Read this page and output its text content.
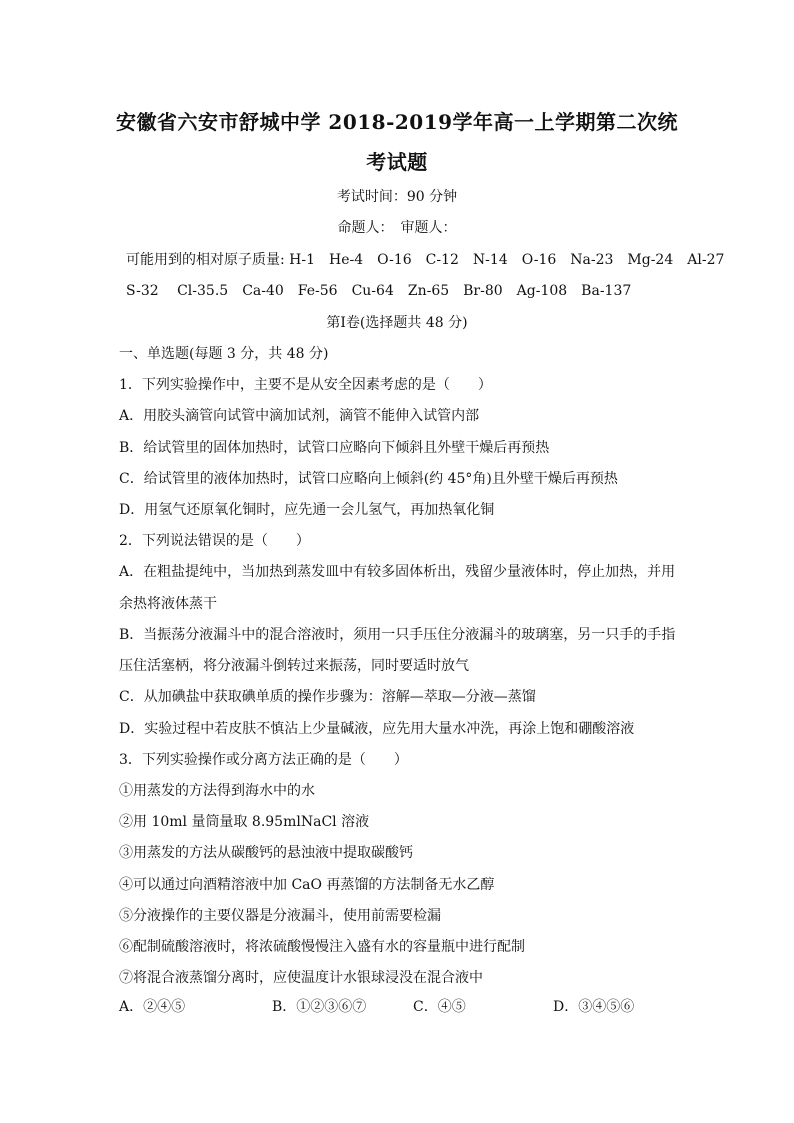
安徽省六安市舒城中学 2018-2019学年高一上学期第二次统
考试题
考试时间：90 分钟
命题人：　审题人：
可能用到的相对原子质量: H-1　He-4　O-16　C-12　N-14　O-16　Na-23　Mg-24　Al-27
S-32　 Cl-35.5　Ca-40　Fe-56　Cu-64　Zn-65　Br-80　Ag-108　Ba-137
第Ⅰ卷(选择题共 48 分)
一、单选题(每题 3 分，共 48 分)
1．下列实验操作中，主要不是从安全因素考虑的是（　　）
A．用胶头滴管向试管中滴加试剂，滴管不能伸入试管内部
B．给试管里的固体加热时，试管口应略向下倾斜且外壁干燥后再预热
C．给试管里的液体加热时，试管口应略向上倾斜(约 45°角)且外壁干燥后再预热
D．用氢气还原氧化铜时，应先通一会儿氢气，再加热氧化铜
2．下列说法错误的是（　　）
A．在粗盐提纯中，当加热到蒸发皿中有较多固体析出，残留少量液体时，停止加热，并用
余热将液体蒸干
B．当振荡分液漏斗中的混合溶液时，须用一只手压住分液漏斗的玻璃塞，另一只手的手指
压住活塞柄，将分液漏斗倒转过来振荡，同时要适时放气
C．从加碘盐中获取碘单质的操作步骤为：溶解—萃取—分液—蒸馏
D．实验过程中若皮肤不慎沾上少量碱液，应先用大量水冲洗，再涂上饱和硼酸溶液
3．下列实验操作或分离方法正确的是（　　）
①用蒸发的方法得到海水中的水
②用 10ml 量筒量取 8.95mlNaCl 溶液
③用蒸发的方法从碳酸钙的悬浊液中提取碳酸钙
④可以通过向酒精溶液中加 CaO 再蒸馏的方法制备无水乙醇
⑤分液操作的主要仪器是分液漏斗，使用前需要检漏
⑥配制硫酸溶液时，将浓硫酸慢慢注入盛有水的容量瓶中进行配制
⑦将混合液蒸馏分离时，应使温度计水银球浸没在混合液中
A．②④⑤	B．①②③⑥⑦	C．④⑤	D．③④⑤⑥
